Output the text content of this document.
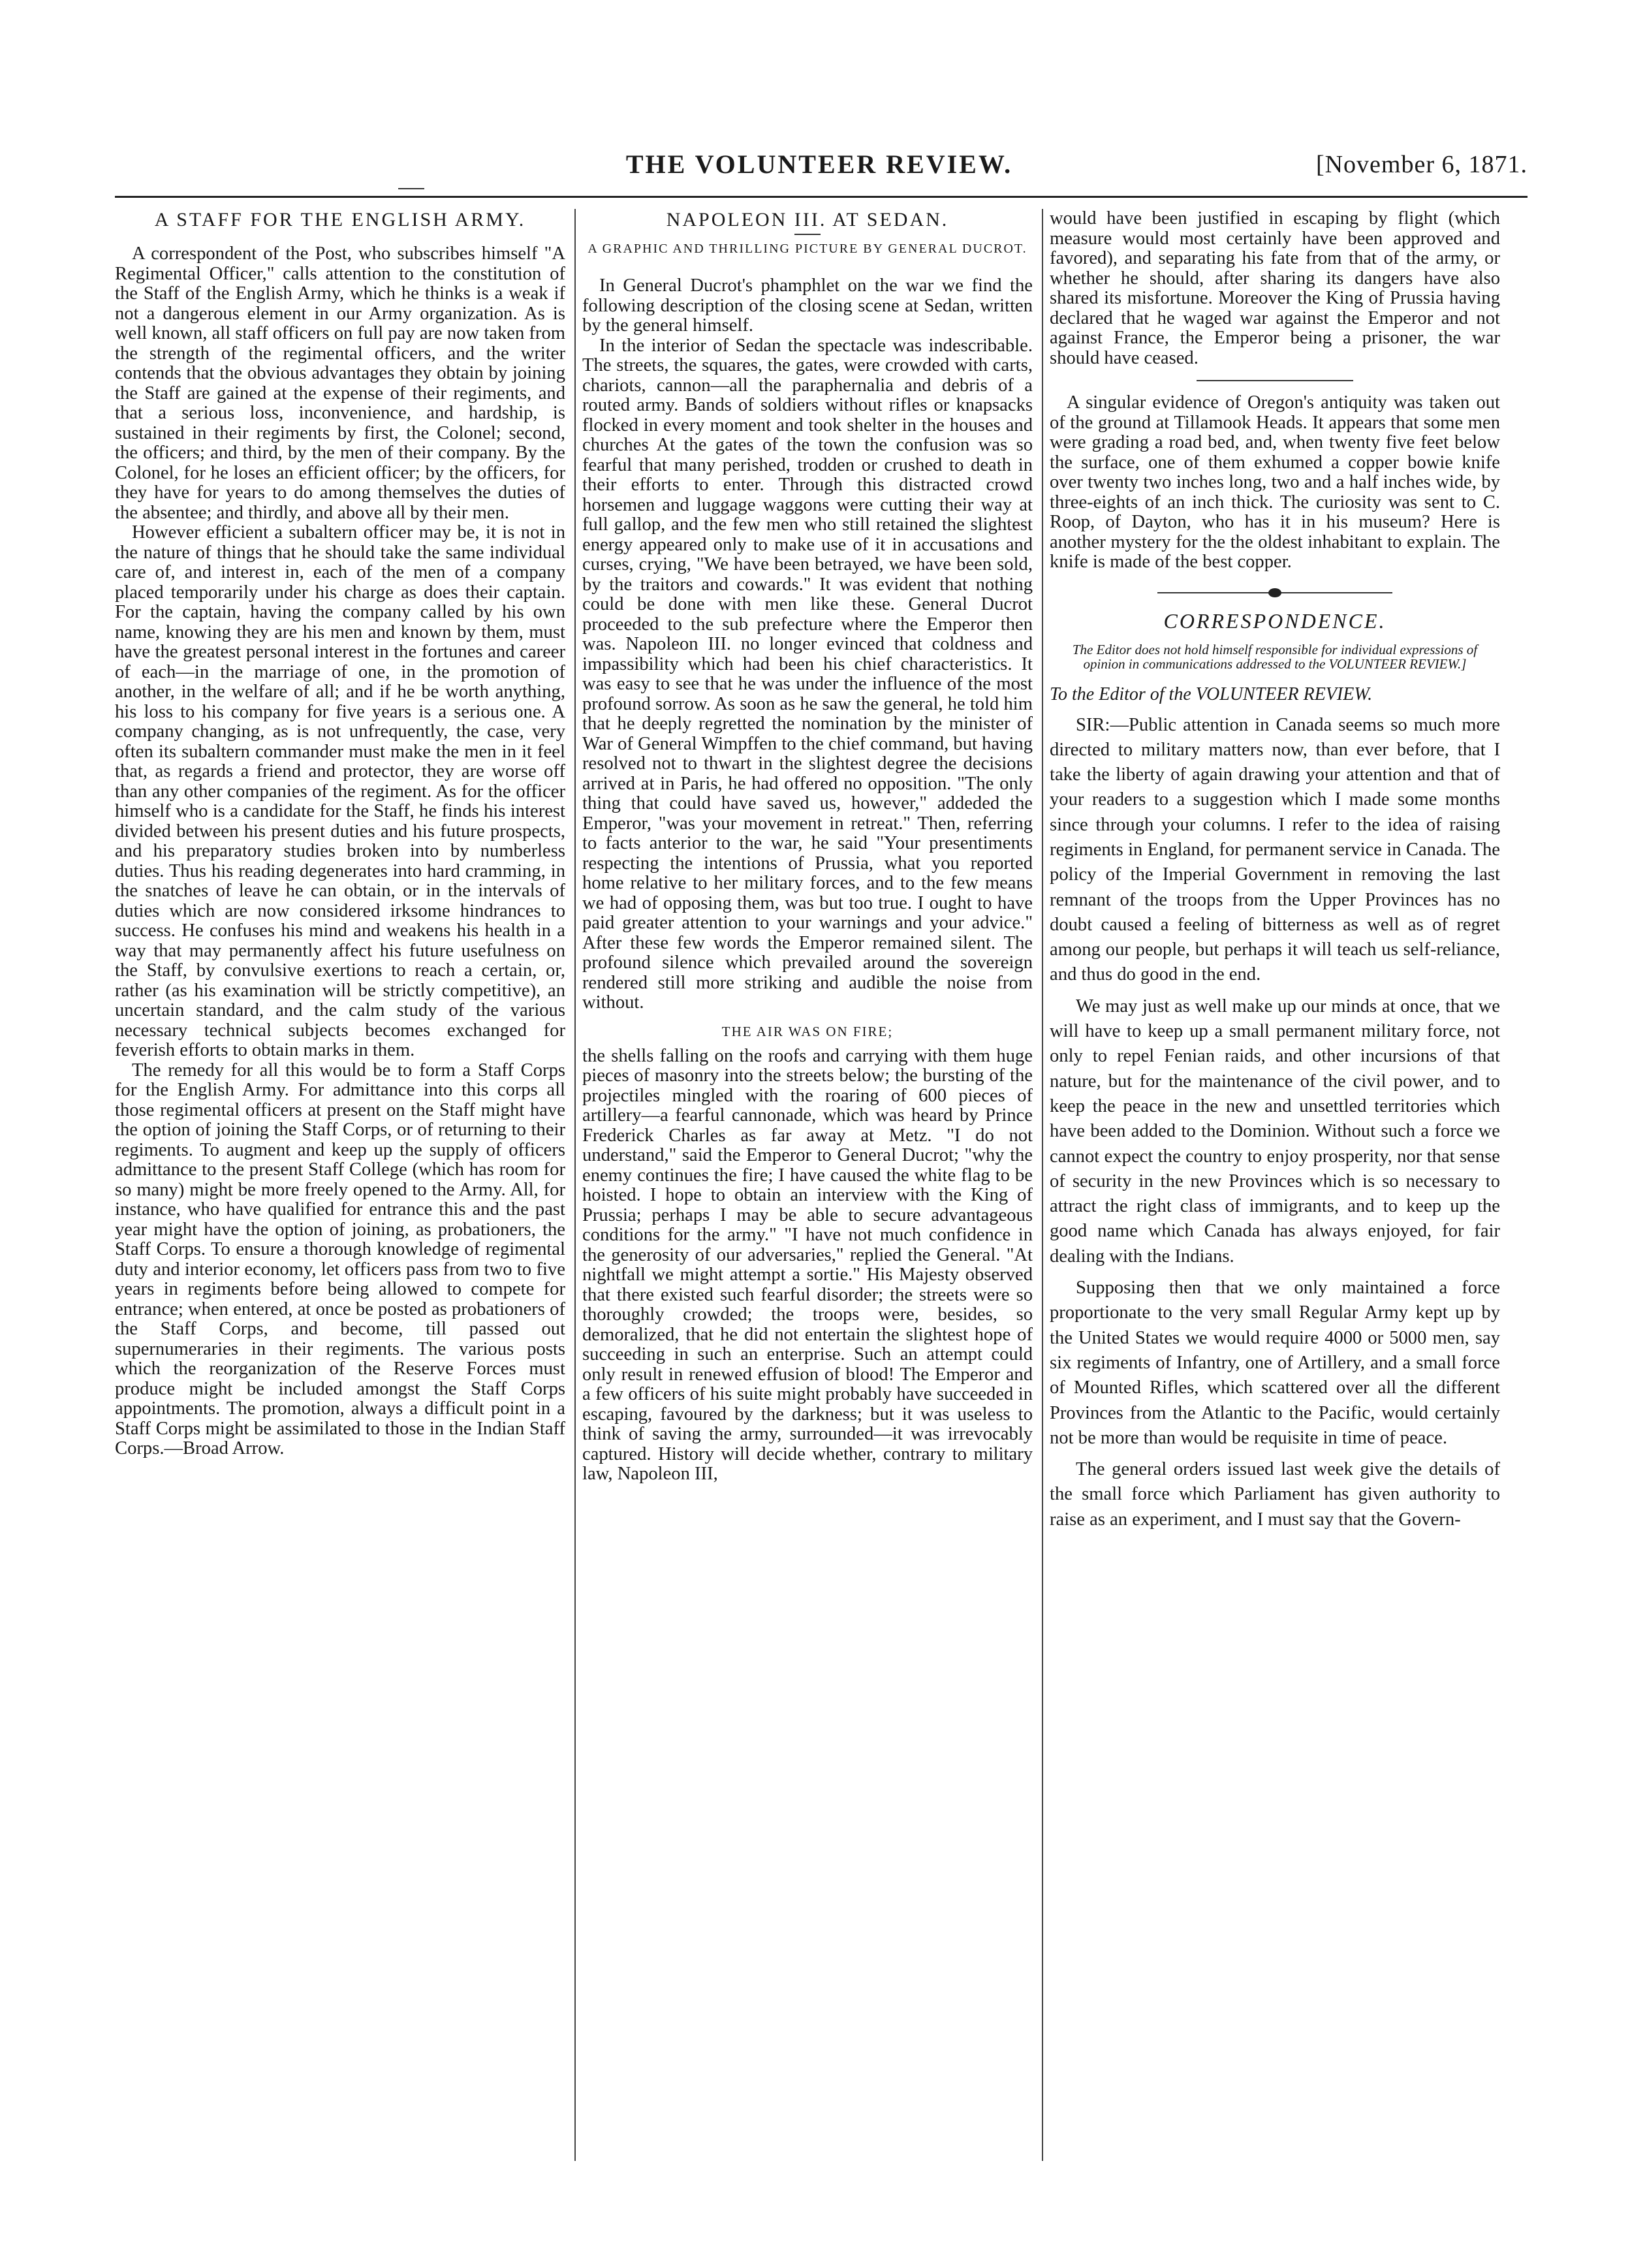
THE VOLUNTEER REVIEW.	[November 6, 1871.
A STAFF FOR THE ENGLISH ARMY.

A correspondent of the Post, who subscribes himself "A Regimental Officer," calls attention to the constitution of the Staff of the English Army, which he thinks is a weak if not a dangerous element in our Army organization. As is well known, all staff officers on full pay are now taken from the strength of the regimental officers, and the writer contends that the obvious advantages they obtain by joining the Staff are gained at the expense of their regiments, and that a serious loss, inconvenience, and hardship, is sustained in their regiments by first, the Colonel; second, the officers; and third, by the men of their company. By the Colonel, for he loses an efficient officer; by the officers, for they have for years to do among themselves the duties of the absentee; and thirdly, and above all by their men.

However efficient a subaltern officer may be, it is not in the nature of things that he should take the same individual care of, and interest in, each of the men of a company placed temporarily under his charge as does their captain. For the captain, having the company called by his own name, knowing they are his men and known by them, must have the greatest personal interest in the fortunes and career of each—in the marriage of one, in the promotion of another, in the welfare of all; and if he be worth anything, his loss to his company for five years is a serious one. A company changing, as is not unfrequently, the case, very often its subaltern commander must make the men in it feel that, as regards a friend and protector, they are worse off than any other companies of the regiment. As for the officer himself who is a candidate for the Staff, he finds his interest divided between his present duties and his future prospects, and his preparatory studies broken into by numberless duties. Thus his reading degenerates into hard cramming, in the snatches of leave he can obtain, or in the intervals of duties which are now considered irksome hindrances to success. He confuses his mind and weakens his health in a way that may permanently affect his future usefulness on the Staff, by convulsive exertions to reach a certain, or, rather (as his examination will be strictly competitive), an uncertain standard, and the calm study of the various necessary technical subjects becomes exchanged for feverish efforts to obtain marks in them.

The remedy for all this would be to form a Staff Corps for the English Army. For admittance into this corps all those regimental officers at present on the Staff might have the option of joining the Staff Corps, or of returning to their regiments. To augment and keep up the supply of officers admittance to the present Staff College (which has room for so many) might be more freely opened to the Army. All, for instance, who have qualified for entrance this and the past year might have the option of joining, as probationers, the Staff Corps. To ensure a thorough knowledge of regimental duty and interior economy, let officers pass from two to five years in regiments before being allowed to compete for entrance; when entered, at once be posted as probationers of the Staff Corps, and become, till passed out supernumeraries in their regiments. The various posts which the reorganization of the Reserve Forces must produce might be included amongst the Staff Corps appointments. The promotion, always a difficult point in a Staff Corps might be assimilated to those in the Indian Staff Corps.—Broad Arrow.

NAPOLEON III. AT SEDAN.
A GRAPHIC AND THRILLING PICTURE BY GENERAL DUCROT.

In General Ducrot's phamphlet on the war we find the following description of the closing scene at Sedan, written by the general himself.

In the interior of Sedan the spectacle was indescribable. The streets, the squares, the gates, were crowded with carts, chariots, cannon—all the paraphernalia and debris of a routed army. Bands of soldiers without rifles or knapsacks flocked in every moment and took shelter in the houses and churches At the gates of the town the confusion was so fearful that many perished, trodden or crushed to death in their efforts to enter. Through this distracted crowd horsemen and luggage waggons were cutting their way at full gallop, and the few men who still retained the slightest energy appeared only to make use of it in accusations and curses, crying, "We have been betrayed, we have been sold, by the traitors and cowards." It was evident that nothing could be done with men like these. General Ducrot proceeded to the sub prefecture where the Emperor then was. Napoleon III. no longer evinced that coldness and impassibility which had been his chief characteristics. It was easy to see that he was under the influence of the most profound sorrow. As soon as he saw the general, he told him that he deeply regretted the nomination by the minister of War of General Wimpffen to the chief command, but having resolved not to thwart in the slightest degree the decisions arrived at in Paris, he had offered no opposition. "The only thing that could have saved us, however," addeded the Emperor, "was your movement in retreat." Then, referring to facts anterior to the war, he said "Your presentiments respecting the intentions of Prussia, what you reported home relative to her military forces, and to the few means we had of opposing them, was but too true. I ought to have paid greater attention to your warnings and your advice." After these few words the Emperor remained silent. The profound silence which prevailed around the sovereign rendered still more striking and audible the noise from without.

THE AIR WAS ON FIRE;

the shells falling on the roofs and carrying with them huge pieces of masonry into the streets below; the bursting of the projectiles mingled with the roaring of 600 pieces of artillery—a fearful cannonade, which was heard by Prince Frederick Charles as far away at Metz. "I do not understand," said the Emperor to General Ducrot; "why the enemy continues the fire; I have caused the white flag to be hoisted. I hope to obtain an interview with the King of Prussia; perhaps I may be able to secure advantageous conditions for the army." "I have not much confidence in the generosity of our adversaries," replied the General. "At nightfall we might attempt a sortie." His Majesty observed that there existed such fearful disorder; the streets were so thoroughly crowded; the troops were, besides, so demoralized, that he did not entertain the slightest hope of succeeding in such an enterprise. Such an attempt could only result in renewed effusion of blood! The Emperor and a few officers of his suite might probably have succeeded in escaping, favoured by the darkness; but it was useless to think of saving the army, surrounded—it was irrevocably captured. History will decide whether, contrary to military law, Napoleon III,

would have been justified in escaping by flight (which measure would most certainly have been approved and favored), and separating his fate from that of the army, or whether he should, after sharing its dangers have also shared its misfortune. Moreover the King of Prussia having declared that he waged war against the Emperor and not against France, the Emperor being a prisoner, the war should have ceased.

A singular evidence of Oregon's antiquity was taken out of the ground at Tillamook Heads. It appears that some men were grading a road bed, and, when twenty five feet below the surface, one of them exhumed a copper bowie knife over twenty two inches long, two and a half inches wide, by three-eights of an inch thick. The curiosity was sent to C. Roop, of Dayton, who has it in his museum? Here is another mystery for the the oldest inhabitant to explain. The knife is made of the best copper.

CORRESPONDENCE.
The Editor does not hold himself responsible for individual expressions of opinion in communications addressed to the VOLUNTEER REVIEW.]
To the Editor of the VOLUNTEER REVIEW.

SIR:—Public attention in Canada seems so much more directed to military matters now, than ever before, that I take the liberty of again drawing your attention and that of your readers to a suggestion which I made some months since through your columns. I refer to the idea of raising regiments in England, for permanent service in Canada. The policy of the Imperial Government in removing the last remnant of the troops from the Upper Provinces has no doubt caused a feeling of bitterness as well as of regret among our people, but perhaps it will teach us self-reliance, and thus do good in the end.

We may just as well make up our minds at once, that we will have to keep up a small permanent military force, not only to repel Fenian raids, and other incursions of that nature, but for the maintenance of the civil power, and to keep the peace in the new and unsettled territories which have been added to the Dominion. Without such a force we cannot expect the country to enjoy prosperity, nor that sense of security in the new Provinces which is so necessary to attract the right class of immigrants, and to keep up the good name which Canada has always enjoyed, for fair dealing with the Indians.

Supposing then that we only maintained a force proportionate to the very small Regular Army kept up by the United States we would require 4000 or 5000 men, say six regiments of Infantry, one of Artillery, and a small force of Mounted Rifles, which scattered over all the different Provinces from the Atlantic to the Pacific, would certainly not be more than would be requisite in time of peace.

The general orders issued last week give the details of the small force which Parliament has given authority to raise as an experiment, and I must say that the Govern-
